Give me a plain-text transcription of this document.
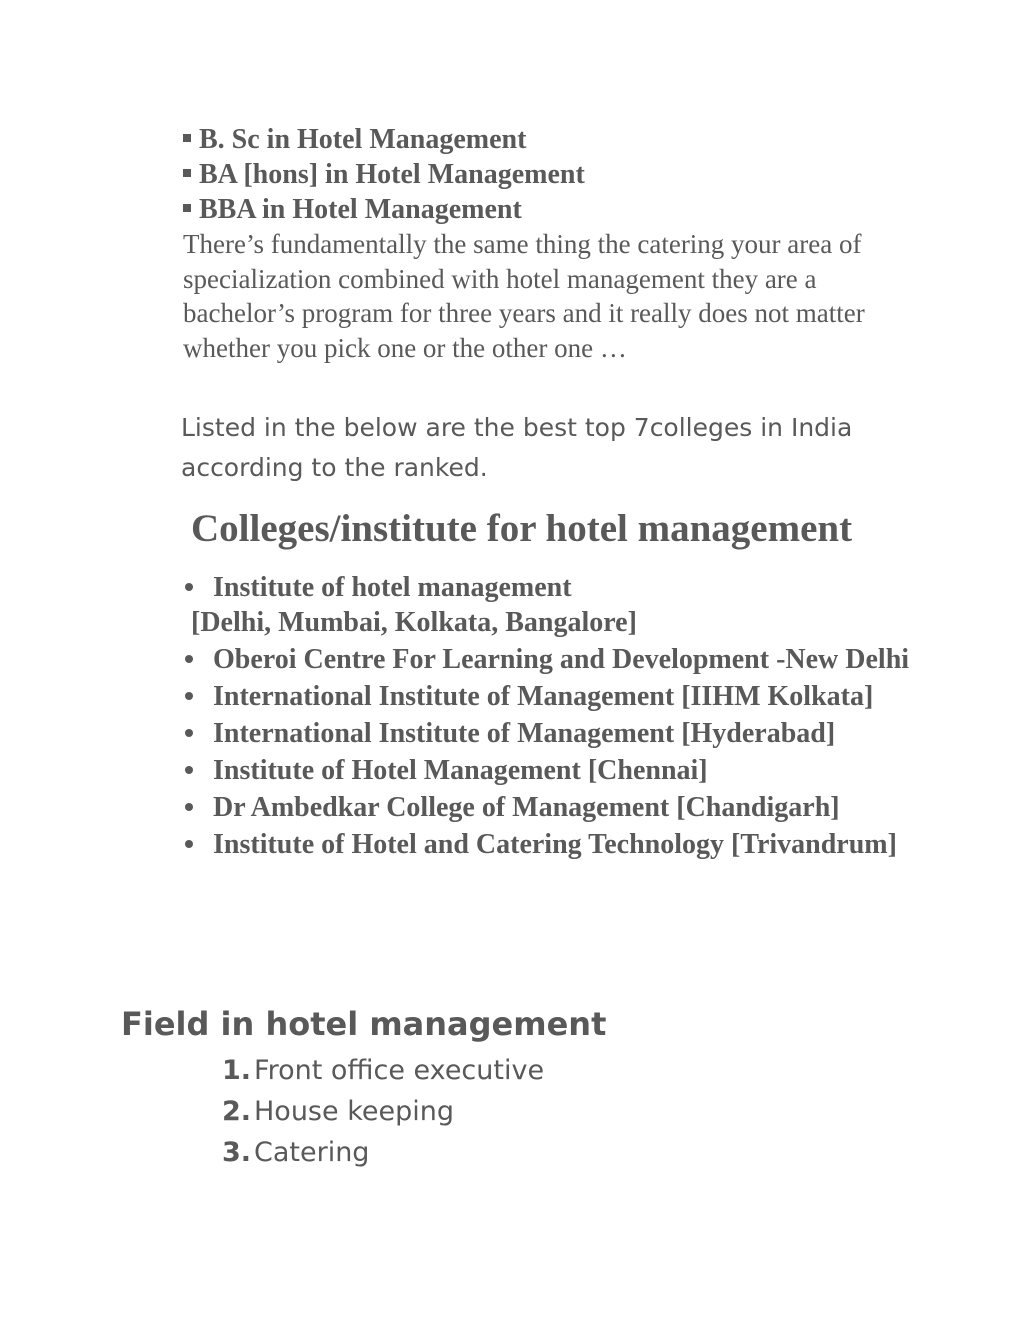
B. Sc in Hotel Management
BA [hons] in Hotel Management
BBA in Hotel Management

There’s fundamentally the same thing the catering your area of specialization combined with hotel management they are a bachelor’s program for three years and it really does not matter whether you pick one or the other one …

Listed in the below are the best top 7colleges in India according to the ranked.

Colleges/institute for hotel management
Institute of hotel management
[Delhi, Mumbai, Kolkata, Bangalore]
Oberoi Centre For Learning and Development -New Delhi
International Institute of Management [IIHM Kolkata]
International Institute of Management [Hyderabad]
Institute of Hotel Management [Chennai]
Dr Ambedkar College of Management [Chandigarh]
Institute of Hotel and Catering Technology [Trivandrum]
Field in hotel management
1. Front office executive
2. House keeping
3. Catering
